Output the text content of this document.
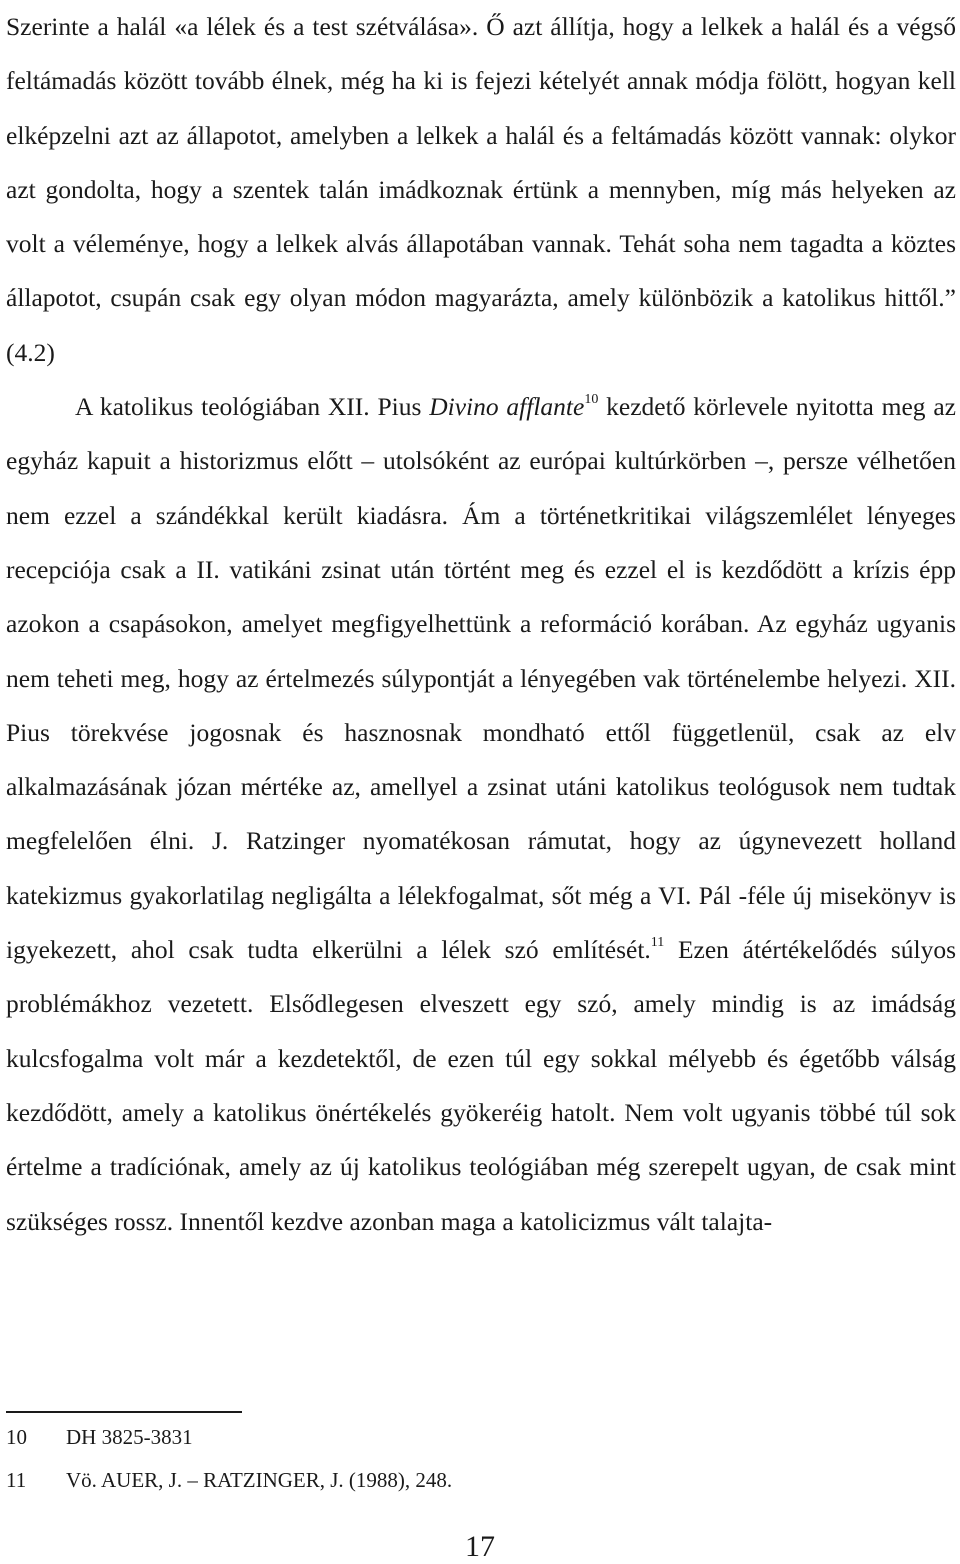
Szerinte a halál «a lélek és a test szétválása». Ő azt állítja, hogy a lelkek a halál és a végső feltámadás között tovább élnek, még ha ki is fejezi kételyét annak módja fölött, hogyan kell elképzelni azt az állapotot, amelyben a lelkek a halál és a feltámadás között vannak: olykor azt gondolta, hogy a szentek talán imádkoznak értünk a mennyben, míg más helyeken az volt a véleménye, hogy a lelkek alvás állapotában vannak. Tehát soha nem tagadta a köztes állapotot, csupán csak egy olyan módon magyarázta, amely különbözik a katolikus hittől.” (4.2)

A katolikus teológiában XII. Pius Divino afflante$^{10}$ kezdető körlevele nyitotta meg az egyház kapuit a historizmus előtt – utolsóként az európai kultúrkörben –, persze vélhetően nem ezzel a szándékkal került kiadásra. Ám a történetkritikai világszemlélet lényeges recepciója csak a II. vatikáni zsinat után történt meg és ezzel el is kezdődött a krízis épp azokon a csapásokon, amelyet megfigyelhettünk a reformáció korában. Az egyház ugyanis nem teheti meg, hogy az értelmezés súlypontját a lényegében vak történelembe helyezi. XII. Pius törekvése jogosnak és hasznosnak mondható ettől függetlenül, csak az elv alkalmazásának józan mértéke az, amellyel a zsinat utáni katolikus teológusok nem tudtak megfelelően élni. J. Ratzinger nyomatékosan rámutat, hogy az úgynevezett holland katekizmus gyakorlatilag negligálta a lélekfogalmat, sőt még a VI. Pál -féle új misekönyv is igyekezett, ahol csak tudta elkerülni a lélek szó említését.$^{11}$ Ezen átértékelődés súlyos problémákhoz vezetett. Elsődlegesen elveszett egy szó, amely mindig is az imádság kulcsfogalma volt már a kezdetektől, de ezen túl egy sokkal mélyebb és égetőbb válság kezdődött, amely a katolikus önértékelés gyökeréig hatolt. Nem volt ugyanis többé túl sok értelme a tradíciónak, amely az új katolikus teológiában még szerepelt ugyan, de csak mint szükséges rossz. Innentől kezdve azonban maga a katolicizmus vált talajta-

10 DH 3825-3831
11 Vö. AUER, J. – RATZINGER, J. (1988), 248.
17
